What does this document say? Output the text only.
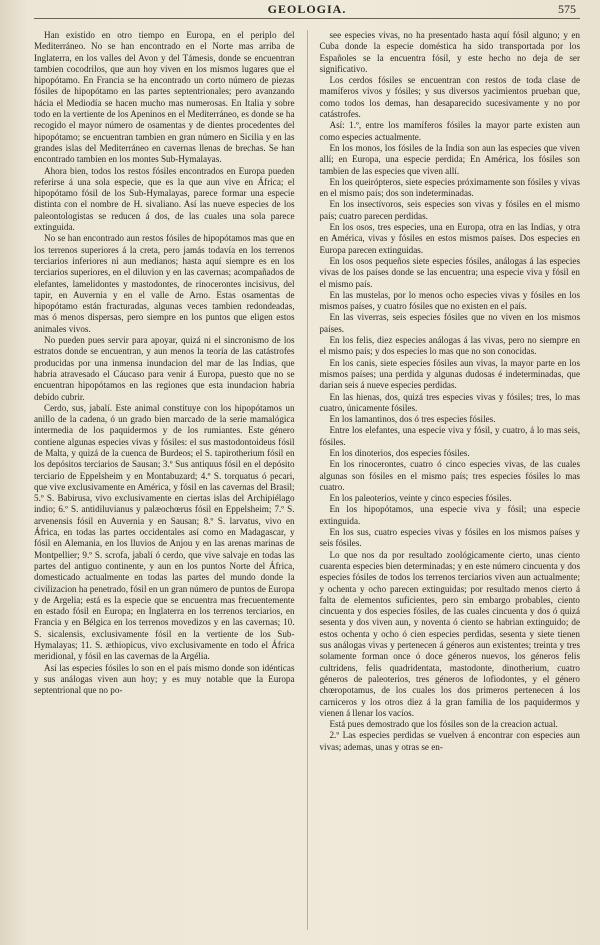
GEOLOGIA.	575

Han existido en otro tiempo en Europa, en el periplo del Mediterráneo. No se han encontrado en el Norte mas arriba de Inglaterra, en los valles del Avon y del Támesis, donde se encuentran tambien cocodrilos, que aun hoy viven en los mismos lugares que el hipopótamo. En Francia se ha encontrado un corto número de piezas fósiles de hipopótamo en las partes septentrionales; pero avanzando hácia el Mediodía se hacen mucho mas numerosas. En Italia y sobre todo en la vertiente de los Apeninos en el Mediterráneo, es donde se ha recogido el mayor número de osamentas y de dientes procedentes del hipopótamo; se encuentran tambien en gran número en Sicilia y en las grandes islas del Mediterráneo en cavernas llenas de brechas. Se han encontrado tambien en los montes Sub-Hymalayas.

Ahora bien, todos los restos fósiles encontrados en Europa pueden referirse á una sola especie, que es la que aun vive en África; el hipopótamo fósil de los Sub-Hymalayas, parece formar una especie distinta con el nombre de H. sivaliano. Así las nueve especies de los paleontologistas se reducen á dos, de las cuales una sola parece extinguida.

No se han encontrado aun restos fósiles de hipopótamos mas que en los terrenos superiores á la creta, pero jamás todavía en los terrenos terciarios inferiores ni aun medianos; hasta aquí siempre es en los terciarios superiores, en el diluvion y en las cavernas; acompañados de elefantes, lamelidontes y mastodontes, de rinocerontes incisivus, del tapir, en Auvernia y en el valle de Arno. Estas osamentas de hipopótamo están fracturadas, algunas veces tambien redondeadas, mas ó menos dispersas, pero siempre en los puntos que eligen estos animales vivos.

No pueden pues servir para apoyar, quizá ni el sincronismo de los estratos donde se encuentran, y aun menos la teoría de las catástrofes producidas por una inmensa inundacion del mar de las Indias, que habria atravesado el Cáucaso para venir á Europa, puesto que no se encuentran hipopótamos en las regiones que esta inundacion habria debido cubrir.

Cerdo, sus, jabalí. Este animal constituye con los hipopótamos un anillo de la cadena, ó un grado bien marcado de la serie mamalógica intermedia de los paquidermos y de los rumiantes. Este género contiene algunas especies vivas y fósiles: el sus mastodontoideus fósil de Malta, y quizá de la cuenca de Burdeos; el S. tapirotherium fósil en los depósitos terciarios de Sausan; 3.º Sus antiquus fósil en el depósito terciario de Eppelsheim y en Montabuzard; 4.º S. torquatus ó pecari, que vive exclusivamente en América, y fósil en las cavernas del Brasil; 5.º S. Babirusa, vivo exclusivamente en ciertas islas del Archipiélago indio; 6.º S. antidiluvianus y palæochœrus fósil en Eppelsheim; 7.º S. arvenensis fósil en Auvernia y en Sausan; 8.º S. larvatus, vivo en África, en todas las partes occidentales así como en Madagascar, y fósil en Alemania, en los lluvios de Anjou y en las arenas marinas de Montpellier; 9.º S. scrofa, jabalí ó cerdo, que vive salvaje en todas las partes del antiguo continente, y aun en los puntos Norte del África, domesticado actualmente en todas las partes del mundo donde la civilizacion ha penetrado, fósil en un gran número de puntos de Europa y de Argelia; está es la especie que se encuentra mas frecuentemente en estado fósil en Europa; en Inglaterra en los terrenos terciarios, en Francia y en Bélgica en los terrenos movedizos y en las cavernas; 10. S. sicalensis, exclusivamente fósil en la vertiente de los Sub-Hymalayas; 11. S. æthiopicus, vivo exclusivamente en todo el África meridional, y fósil en las cavernas de la Argélia.

Así las especies fósiles lo son en el país mismo donde son idénticas y sus análogas viven aun hoy; y es muy notable que la Europa septentrional que no po-

see especies vivas, no ha presentado hasta aquí fósil alguno; y en Cuba donde la especie doméstica ha sido transportada por los Españoles se la encuentra fósil, y este hecho no deja de ser significativo.

Los cerdos fósiles se encuentran con restos de toda clase de mamíferos vivos y fósiles; y sus diversos yacimientos prueban que, como todos los demas, han desaparecido sucesivamente y no por catástrofes.

Así: 1.º, entre los mamíferos fósiles la mayor parte existen aun como especies actualmente.

En los monos, los fósiles de la India son aun las especies que viven allí; en Europa, una especie perdida; En América, los fósiles son tambien de las especies que viven allí.

En los queirópteros, siete especies próximamente son fósiles y vivas en el mismo país; dos son indeterminadas.

En los insectívoros, seis especies son vivas y fósiles en el mismo país; cuatro parecen perdidas.

En los osos, tres especies, una en Europa, otra en las Indias, y otra en América, vivas y fósiles en estos mismos países. Dos especies en Europa parecen extinguidas.

En los osos pequeños siete especies fósiles, análogas á las especies vivas de los países donde se las encuentra; una especie viva y fósil en el mismo país.

En las mustelas, por lo menos ocho especies vivas y fósiles en los mismos países, y cuatro fósiles que no existen en el país.

En las viverras, seis especies fósiles que no viven en los mismos países.

En los felis, diez especies análogas á las vivas, pero no siempre en el mismo país; y dos especies lo mas que no son conocidas.

En los canis, siete especies fósiles aun vivas, la mayor parte en los mismos países; una perdida y algunas dudosas é indeterminadas, que darian seis á nueve especies perdidas.

En las hienas, dos, quizá tres especies vivas y fósiles; tres, lo mas cuatro, únicamente fósiles.

En los lamantinos, dos ó tres especies fósiles.

Entre los elefantes, una especie viva y fósil, y cuatro, á lo mas seis, fósiles.

En los dinoterios, dos especies fósiles.

En los rinocerontes, cuatro ó cinco especies vivas, de las cuales algunas son fósiles en el mismo país; tres especies fósiles lo mas cuatro.

En los paleoterios, veinte y cinco especies fósiles.

En los hipopótamos, una especie viva y fósil; una especie extinguida.

En los sus, cuatro especies vivas y fósiles en los mismos países y seis fósiles.

Lo que nos da por resultado zoológicamente cierto, unas ciento cuarenta especies bien determinadas; y en este número cincuenta y dos especies fósiles de todos los terrenos terciarios viven aun actualmente; y ochenta y ocho parecen extinguidas; por resultado menos cierto á falta de elementos suficientes, pero sin embargo probables, ciento cincuenta y dos especies fósiles, de las cuales cincuenta y dos ó quizá sesenta y dos viven aun, y noventa ó ciento se habrian extinguido; de estos ochenta y ocho ó cien especies perdidas, sesenta y siete tienen sus análogas vivas y pertenecen á géneros aun existentes; treinta y tres solamente forman once ó doce géneros nuevos, los géneros felis cultridens, felis quadridentata, mastodonte, dinotherium, cuatro géneros de paleoterios, tres géneros de lofiodontes, y el género chœropotamus, de los cuales los dos primeros pertenecen á los carniceros y los otros diez á la gran familia de los paquidermos y vienen á llenar los vacíos.

Está pues demostrado que los fósiles son de la creacion actual.

2.º Las especies perdidas se vuelven á encontrar con especies aun vivas; ademas, unas y otras se en-
